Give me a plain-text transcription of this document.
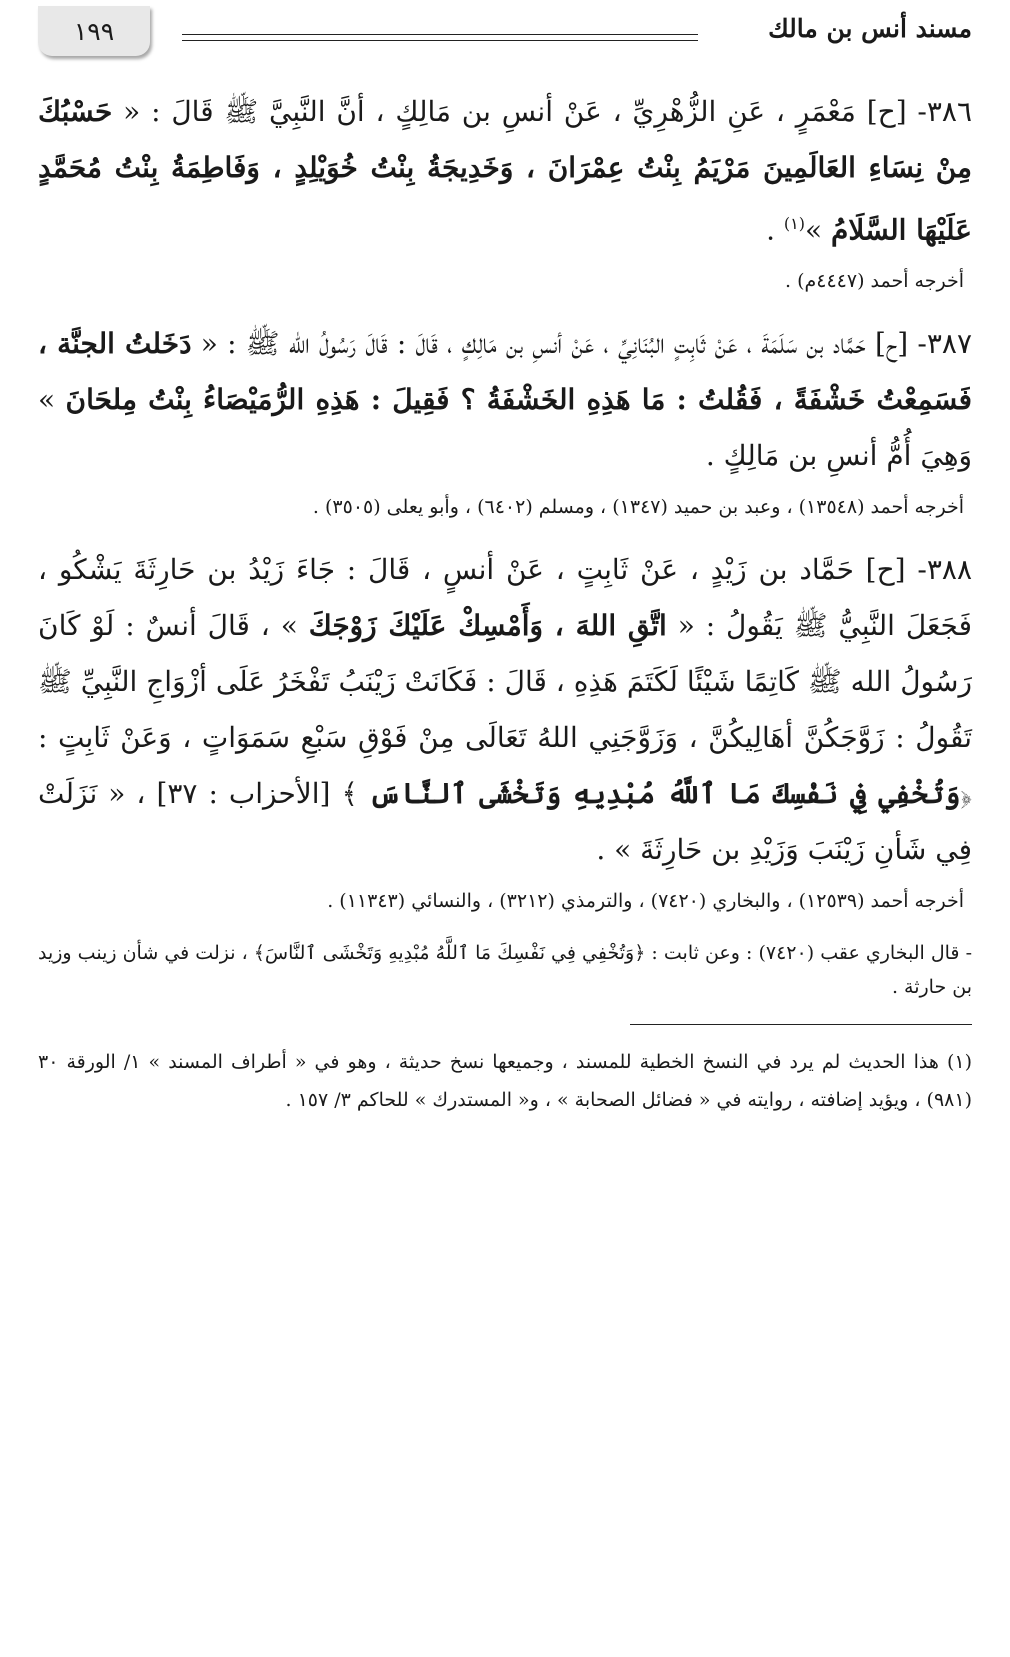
١٩٩	مسند أنس بن مالك

٣٨٦- [ح] مَعْمَرٍ ، عَنِ الزُّهْرِيِّ ، عَنْ أنسِ بن مَالِكٍ ، أنَّ النَّبِيَّ ﷺ قَالَ : « حَسْبُكَ مِنْ نِسَاءِ العَالَمِينَ مَرْيَمُ بِنْتُ عِمْرَانَ ، وَخَدِيجَةُ بِنْتُ خُوَيْلِدٍ ، وَفَاطِمَةُ بِنْتُ مُحَمَّدٍ عَلَيْهَا السَّلَامُ »$^{(١)}$ .

أخرجه أحمد (٤٤٤٧م) .

٣٨٧- [ح] حَمَّاد بن سَلَمَةَ ، عَنْ ثَابِتٍ البُنَانِيِّ ، عَنْ أنسِ بن مَالِكٍ ، قَالَ : قَالَ رَسُولُ الله ﷺ : « دَخَلتُ الجنَّة ، فَسَمِعْتُ خَشْفَةً ، فَقُلتُ : مَا هَذِهِ الخَشْفَةُ ؟ فَقِيلَ : هَذِهِ الرُّمَيْصَاءُ بِنْتُ مِلحَانَ » وَهِيَ أُمُّ أنسِ بن مَالِكٍ .

أخرجه أحمد (١٣٥٤٨) ، وعبد بن حميد (١٣٤٧) ، ومسلم (٦٤٠٢) ، وأبو يعلى (٣٥٠٥) .

٣٨٨- [ح] حَمَّاد بن زَيْدٍ ، عَنْ ثَابِتٍ ، عَنْ أنسٍ ، قَالَ : جَاءَ زَيْدُ بن حَارِثَةَ يَشْكُو ، فَجَعَلَ النَّبِيُّ ﷺ يَقُولُ : « اتَّقِ اللهَ ، وَأَمْسِكْ عَلَيْكَ زَوْجَكَ » ، قَالَ أنسٌ : لَوْ كَانَ رَسُولُ الله ﷺ كَاتِمًا شَيْئًا لَكَتَمَ هَذِهِ ، قَالَ : فَكَانَتْ زَيْنَبُ تَفْخَرُ عَلَى أزْوَاجِ النَّبِيِّ ﷺ تَقُولُ : زَوَّجَكُنَّ أهَالِيكُنَّ ، وَزَوَّجَنِي اللهُ تَعَالَى مِنْ فَوْقِ سَبْعِ سَمَوَاتٍ ، وَعَنْ ثَابِتٍ : ﴿وَتُخْفِي فِي نَفْسِكَ مَا ٱللَّهُ مُبْدِيهِ وَتَخْشَى ٱلنَّاسَ ﴾ [الأحزاب : ٣٧] ، « نَزَلَتْ فِي شَأنِ زَيْنَبَ وَزَيْدِ بن حَارِثَةَ » .

أخرجه أحمد (١٢٥٣٩) ، والبخاري (٧٤٢٠) ، والترمذي (٣٢١٢) ، والنسائي (١١٣٤٣) .

- قال البخاري عقب (٧٤٢٠) : وعن ثابت : ﴿وَتُخْفِي فِي نَفْسِكَ مَا ٱللَّهُ مُبْدِيهِ وَتَخْشَى ٱلنَّاسَ﴾ ، نزلت في شأن زينب وزيد بن حارثة .

(١) هذا الحديث لم يرد في النسخ الخطية للمسند ، وجميعها نسخ حديثة ، وهو في « أطراف المسند » ١/ الورقة ٣٠ (٩٨١) ، ويؤيد إضافته ، روايته في « فضائل الصحابة » ، و« المستدرك » للحاكم ٣/ ١٥٧ .
